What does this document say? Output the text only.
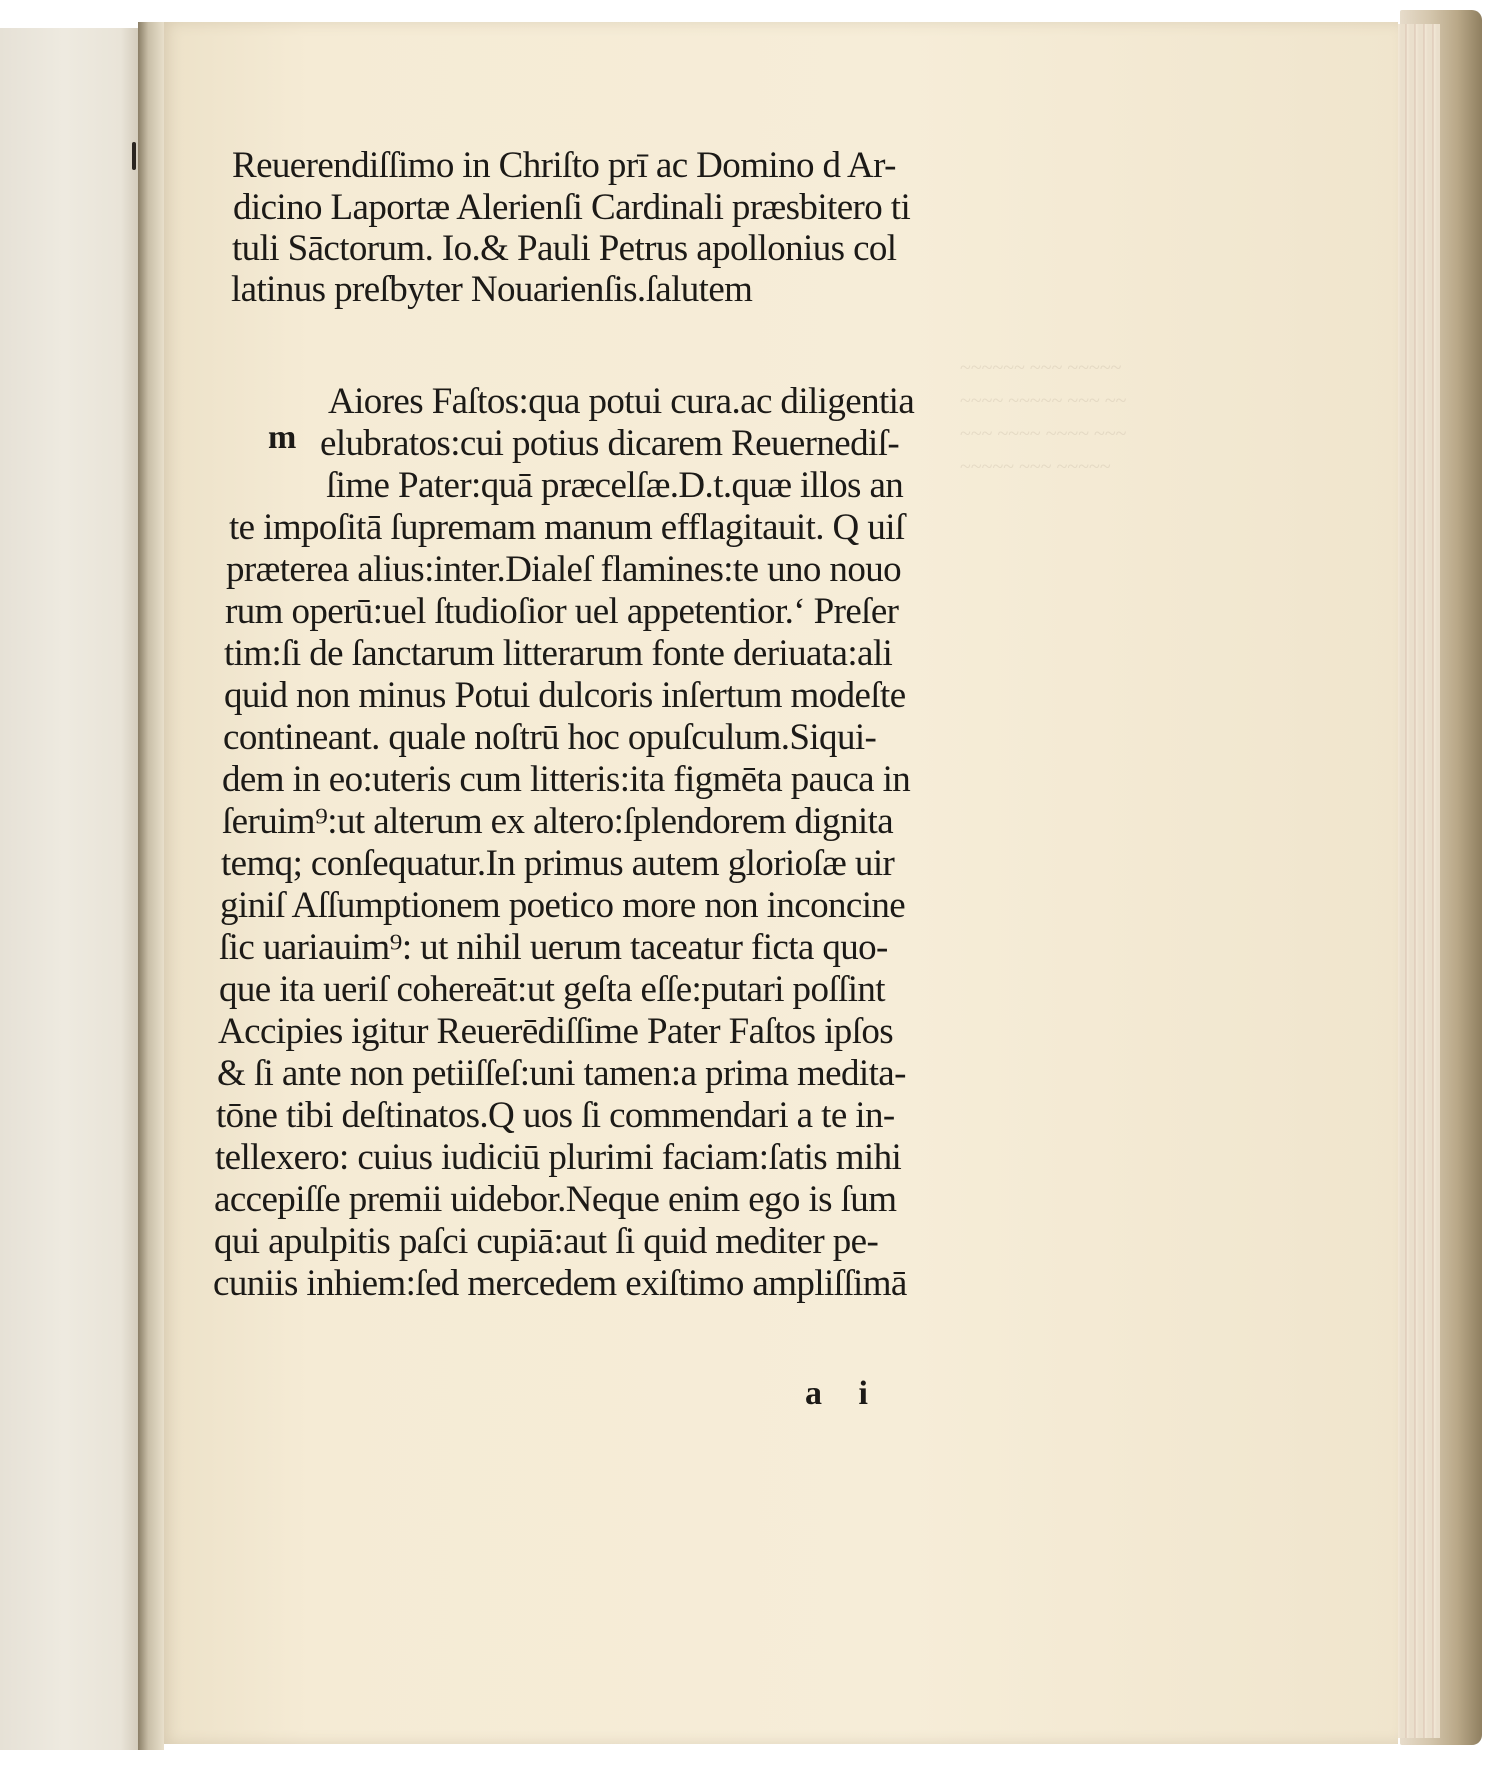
~~~~~~ ~~~ ~~~~~
~~~~ ~~~~~ ~~~ ~~
~~~ ~~~~ ~~~~ ~~~
~~~~~ ~~~ ~~~~~
Reuerendiſſimo in Chriſto prī ac Domino d Ar-
dicino Laportæ Alerienſi Cardinali præsbitero ti
tuli Sāctorum. Io.& Pauli Petrus apollonius col
latinus preſbyter Nouarienſis.ſalutem
m
Aiores Faſtos:qua potui cura.ac diligentia
elubratos:cui potius dicarem Reuernediſ-
ſime Pater:quā præcelſæ.D.t.quæ illos an
te impoſitā ſupremam manum efflagitauit. Q uiſ
præterea alius:inter.Dialeſ flamines:te uno nouo
rum operū:uel ſtudioſior uel appetentior.ʻ Preſer
tim:ſi de ſanctarum litterarum fonte deriuata:ali
quid non minus Potui dulcoris inſertum modeſte
contineant. quale noſtrū hoc opuſculum.Siqui-
dem in eo:uteris cum litteris:ita figmēta pauca in
ſeruim⁹:ut alterum ex altero:ſplendorem dignita
temq; conſequatur.In primus autem glorioſæ uir
giniſ Aſſumptionem poetico more non inconcine
ſic uariauim⁹: ut nihil uerum taceatur ficta quo-
que ita ueriſ cohereāt:ut geſta eſſe:putari poſſint
Accipies igitur Reuerēdiſſime Pater Faſtos ipſos
& ſi ante non petiiſſeſ:uni tamen:a prima medita-
tōne tibi deſtinatos.Q uos ſi commendari a te in-
tellexero: cuius iudiciū plurimi faciam:ſatis mihi
accepiſſe premii uidebor.Neque enim ego is ſum
qui apulpitis paſci cupiā:aut ſi quid mediter pe-
cuniis inhiem:ſed mercedem exiſtimo ampliſſimā
a i
